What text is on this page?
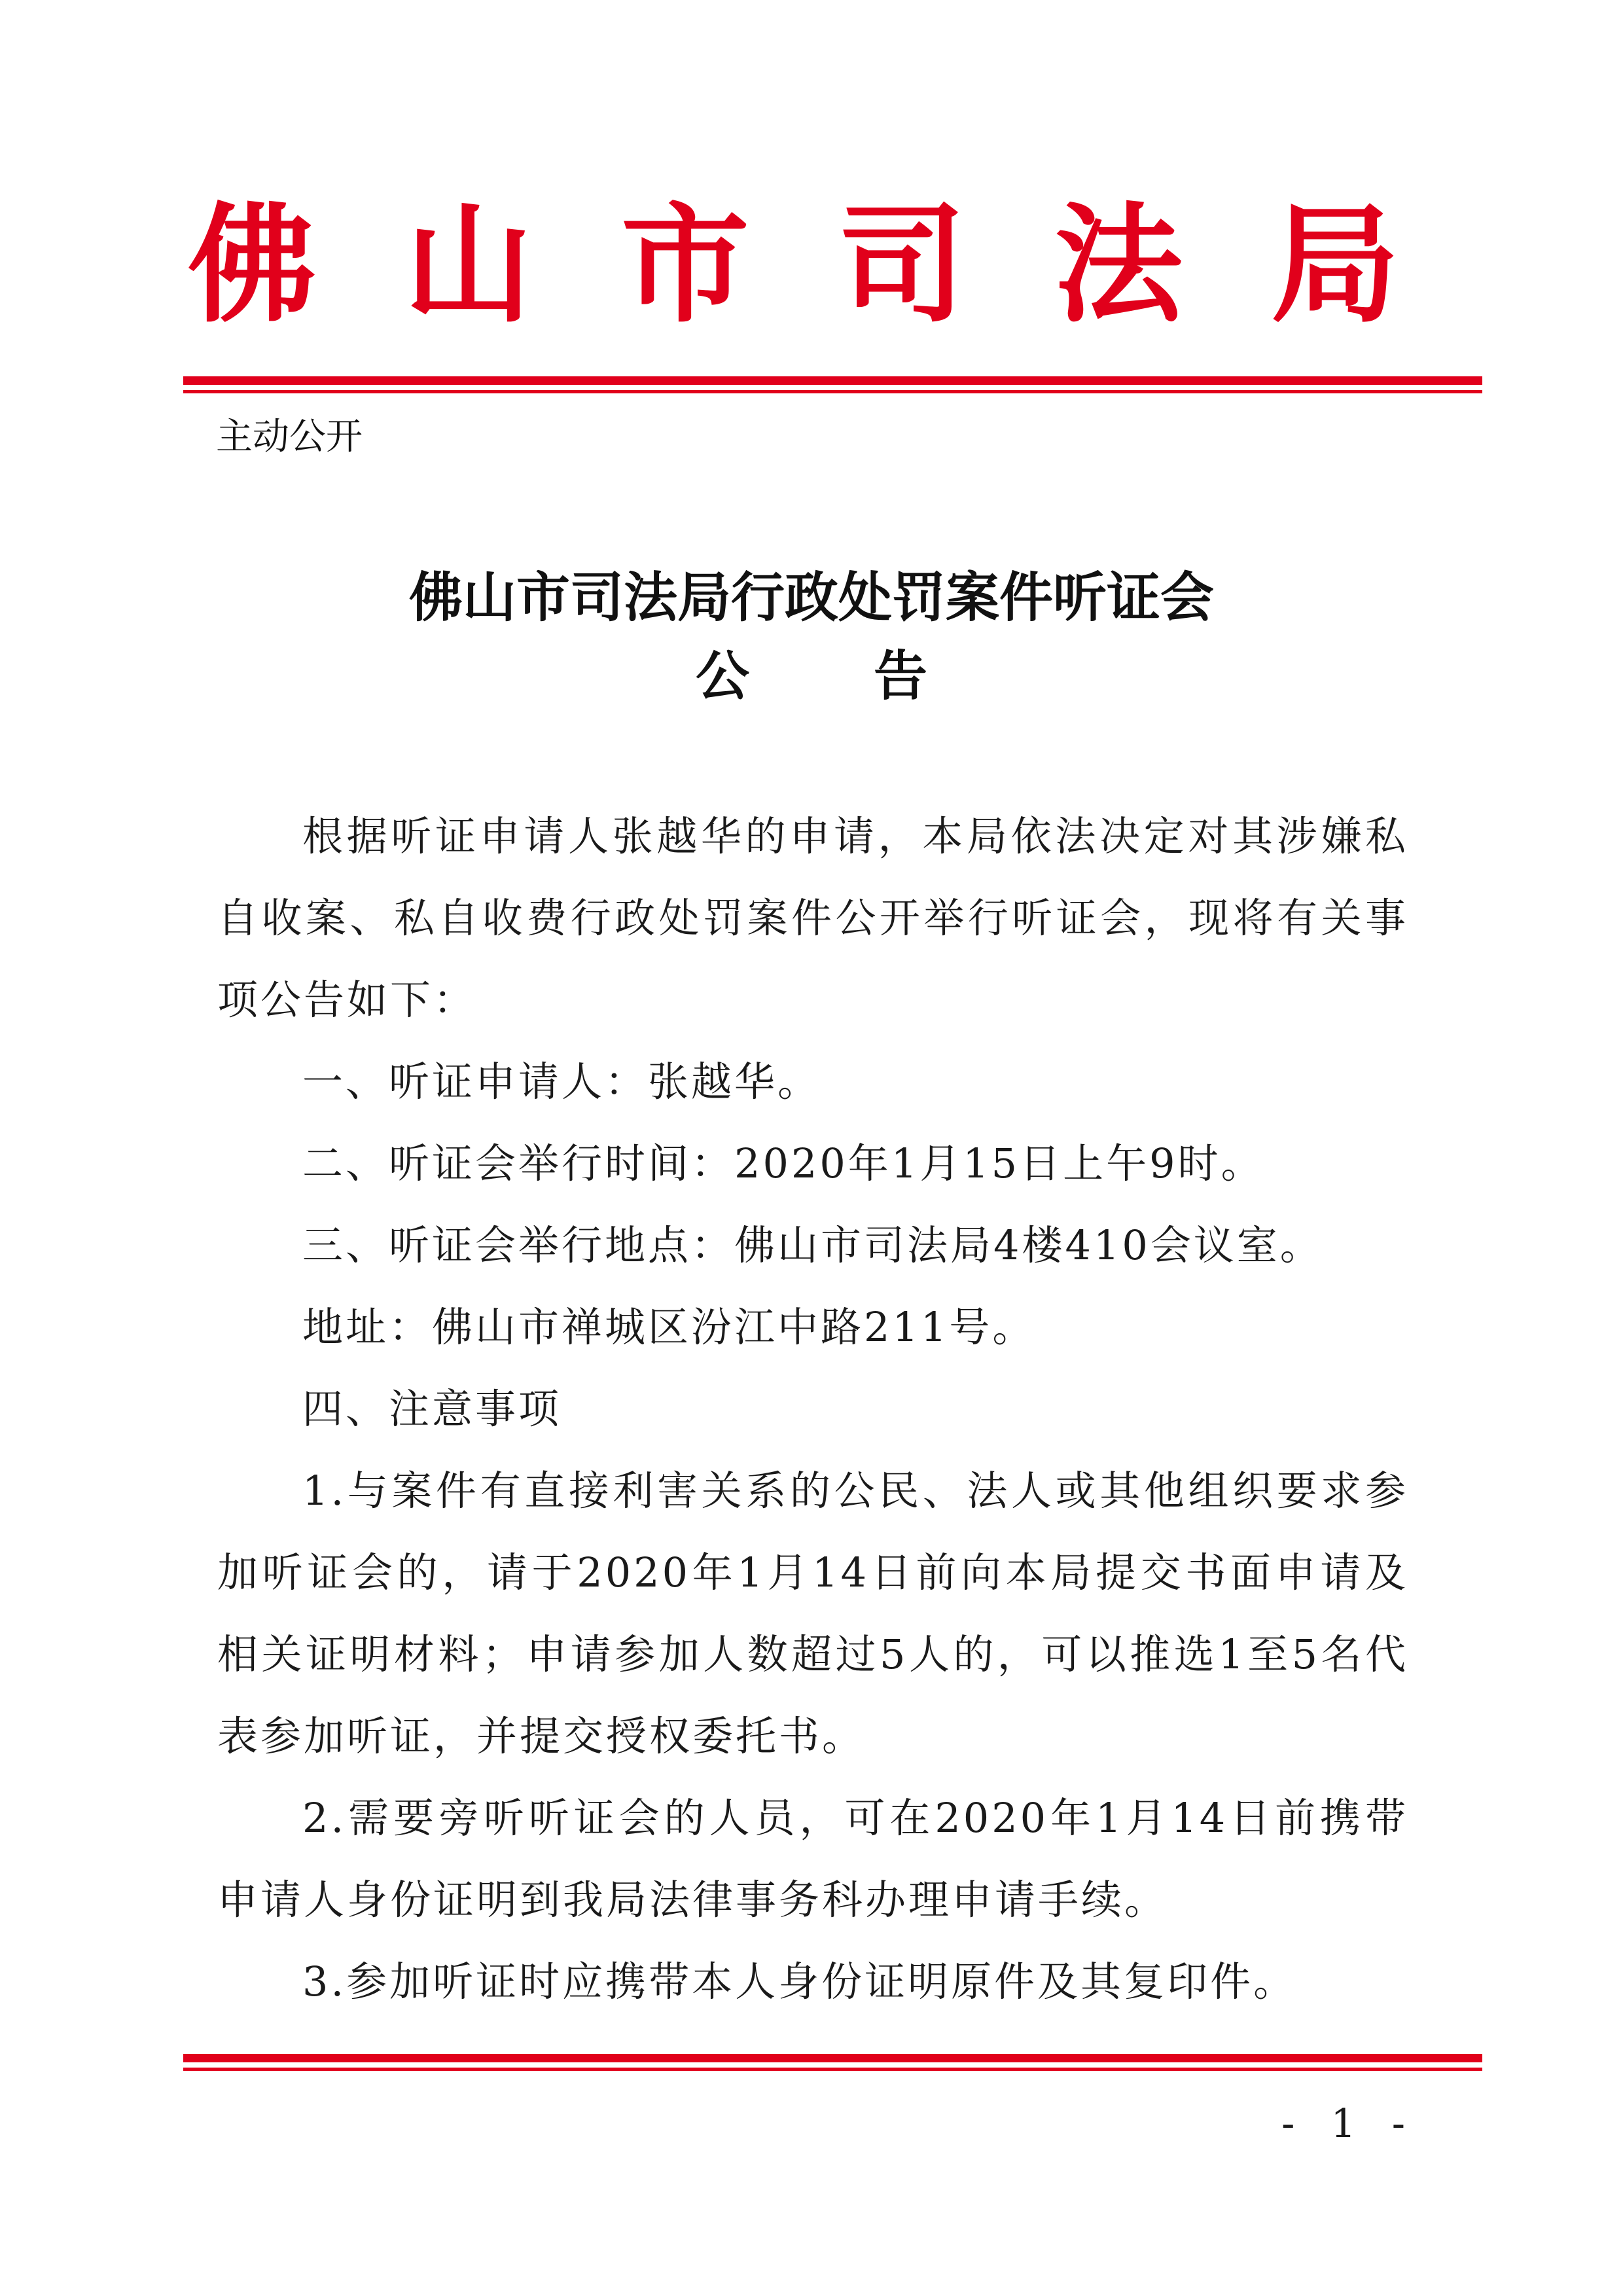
佛山市司法局
主动公开
佛山市司法局行政处罚案件听证会
公告

根据听证申请人张越华的申请，本局依法决定对其涉嫌私自收案、私自收费行政处罚案件公开举行听证会，现将有关事项公告如下：

一、听证申请人：张越华。

二、听证会举行时间：2020年1月15日上午9时。

三、听证会举行地点：佛山市司法局4楼410会议室。

地址：佛山市禅城区汾江中路211号。

四、注意事项

1.与案件有直接利害关系的公民、法人或其他组织要求参加听证会的，请于2020年1月14日前向本局提交书面申请及相关证明材料；申请参加人数超过5人的，可以推选1至5名代表参加听证，并提交授权委托书。

2.需要旁听听证会的人员，可在2020年1月14日前携带申请人身份证明到我局法律事务科办理申请手续。

3.参加听证时应携带本人身份证明原件及其复印件。

- 1 -
